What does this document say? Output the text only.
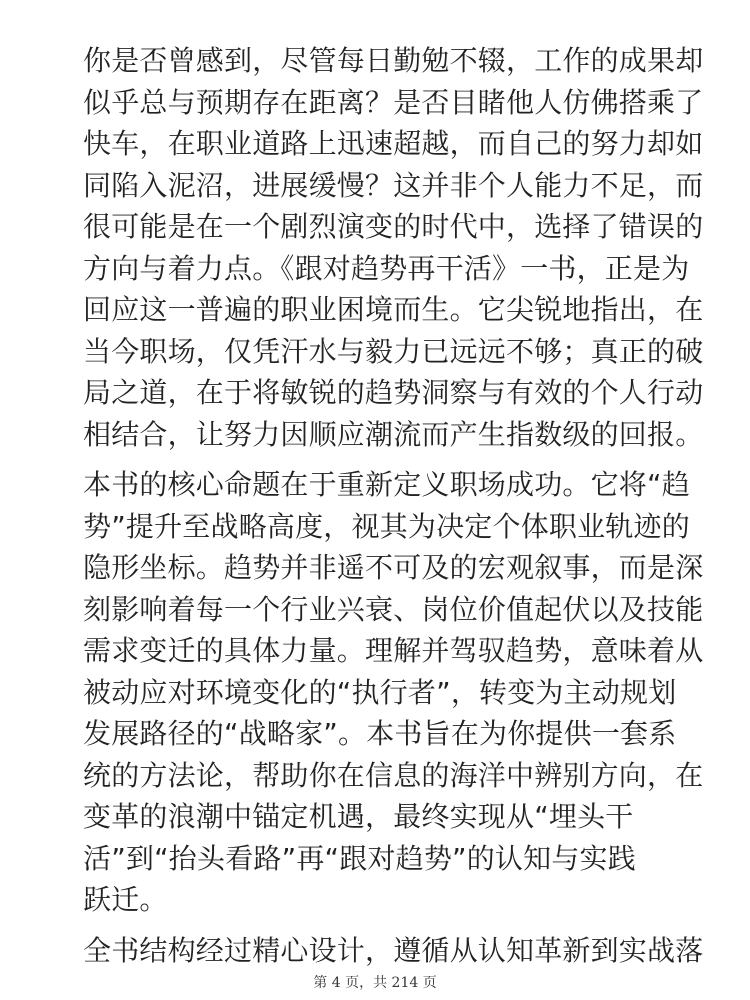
你是否曾感到，尽管每日勤勉不辍，工作的成果却
似乎总与预期存在距离？是否目睹他人仿佛搭乘了
快车，在职业道路上迅速超越，而自己的努力却如
同陷入泥沼，进展缓慢？这并非个人能力不足，而
很可能是在一个剧烈演变的时代中，选择了错误的
方向与着力点。《跟对趋势再干活》一书，正是为
回应这一普遍的职业困境而生。它尖锐地指出，在
当今职场，仅凭汗水与毅力已远远不够；真正的破
局之道，在于将敏锐的趋势洞察与有效的个人行动
相结合，让努力因顺应潮流而产生指数级的回报。
本书的核心命题在于重新定义职场成功。它将“趋
势”提升至战略高度，视其为决定个体职业轨迹的
隐形坐标。趋势并非遥不可及的宏观叙事，而是深
刻影响着每一个行业兴衰、岗位价值起伏以及技能
需求变迁的具体力量。理解并驾驭趋势，意味着从
被动应对环境变化的“执行者”，转变为主动规划
发展路径的“战略家”。本书旨在为你提供一套系
统的方法论，帮助你在信息的海洋中辨别方向，在
变革的浪潮中锚定机遇，最终实现从“埋头干
活”到“抬头看路”再“跟对趋势”的认知与实践
跃迁。
全书结构经过精心设计，遵循从认知革新到实战落
第 4 页，共 214 页
